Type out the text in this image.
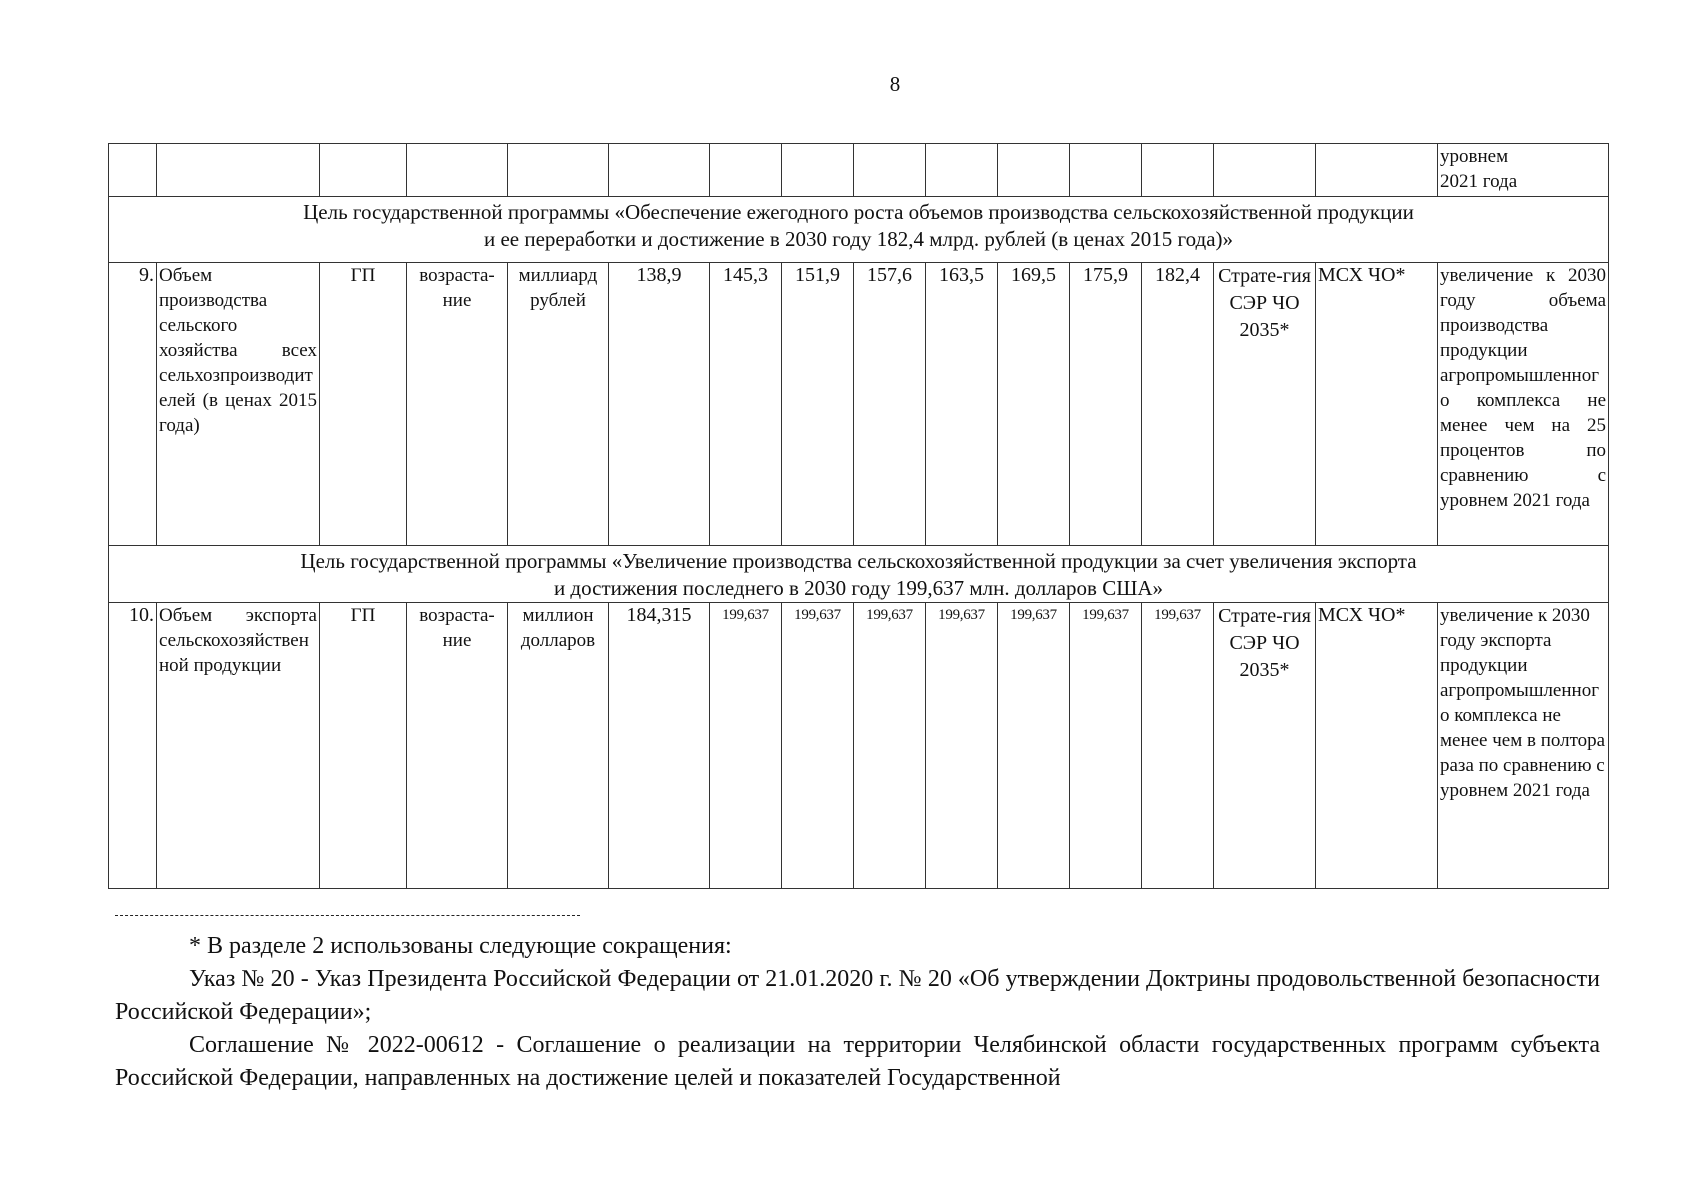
8

															уровнем
2021 года

Цель государственной программы «Обеспечение ежегодного роста объемов производства сельскохозяйственной продукции
и ее переработки и достижение в 2030 году 182,4 млрд. рублей (в ценах 2015 года)»															

9.	Объем производства сельского хозяйства всех сельхозпроизводителей (в ценах 2015 года)	ГП	возраста-ние	миллиард рублей	138,9	145,3	151,9	157,6	163,5	169,5	175,9	182,4	Страте-гия СЭР ЧО 2035*	МСХ ЧО*	увеличение к 2030 году объема производства продукции агропромышленного комплекса не менее чем на 25 процентов по сравнению с уровнем 2021 года

Цель государственной программы «Увеличение производства сельскохозяйственной продукции за счет увеличения экспорта
и достижения последнего в 2030 году 199,637 млн. долларов США»															

10.	Объем экспорта сельскохозяйственной продукции	ГП	возраста-ние	миллион долларов	184,315	199,637	199,637	199,637	199,637	199,637	199,637	199,637	Страте-гия СЭР ЧО 2035*	МСХ ЧО*	увеличение к 2030 году экспорта продукции агропромышленного комплекса не менее чем в полтора раза по сравнению с уровнем 2021 года

* В разделе 2 использованы следующие сокращения:

Указ № 20 - Указ Президента Российской Федерации от 21.01.2020 г. № 20 «Об утверждении Доктрины продовольственной безопасности Российской Федерации»;

Соглашение № 2022-00612 - Соглашение о реализации на территории Челябинской области государственных программ субъекта Российской Федерации, направленных на достижение целей и показателей Государственной
